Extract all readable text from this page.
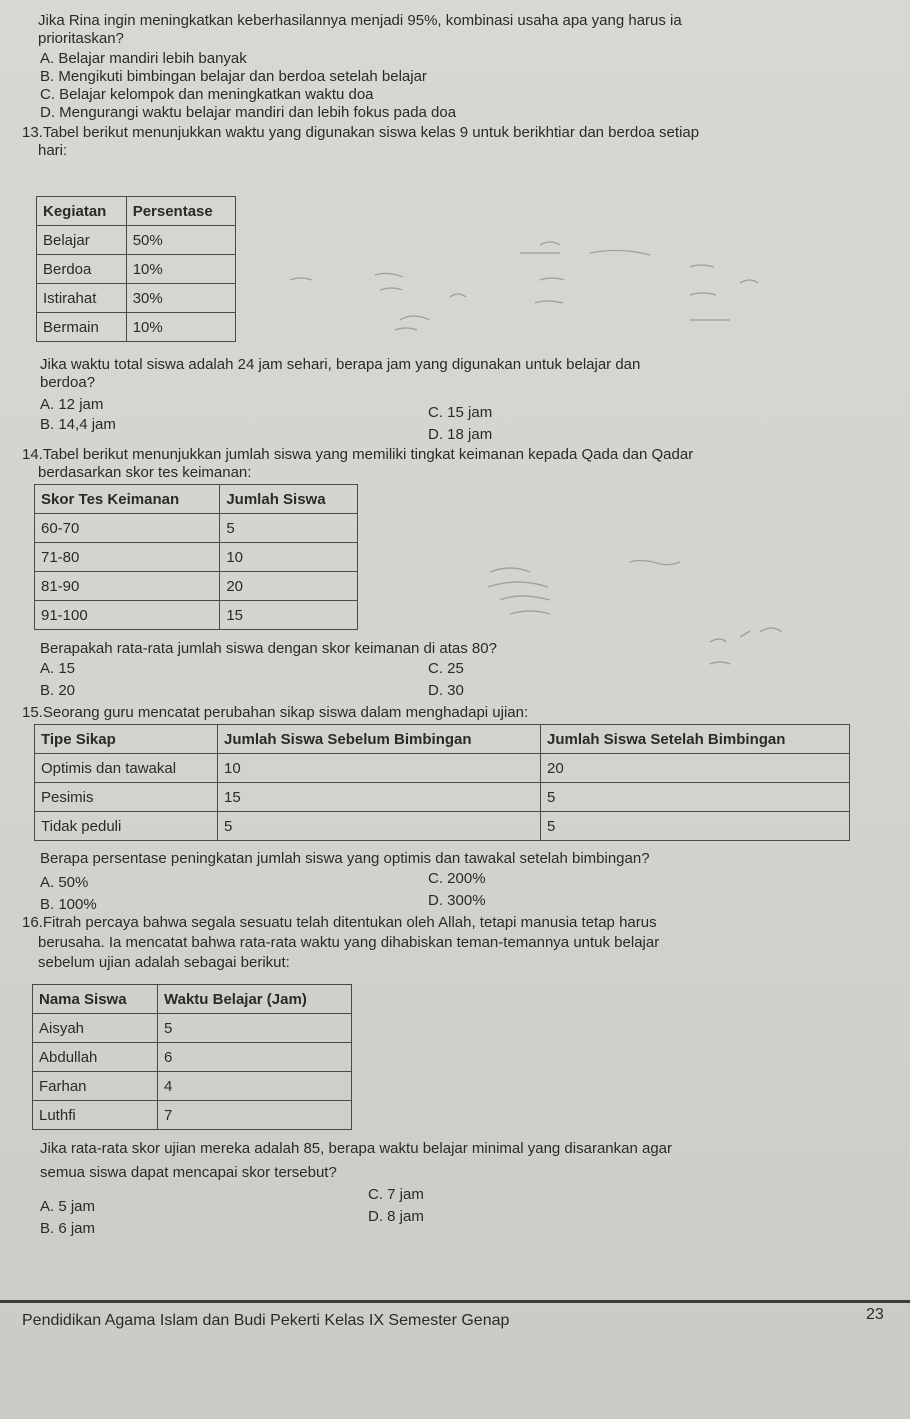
Jika Rina ingin meningkatkan keberhasilannya menjadi 95%, kombinasi usaha apa yang harus ia
prioritaskan?
A. Belajar mandiri lebih banyak
B. Mengikuti bimbingan belajar dan berdoa setelah belajar
C. Belajar kelompok dan meningkatkan waktu doa
D. Mengurangi waktu belajar mandiri dan lebih fokus pada doa
13.Tabel berikut menunjukkan waktu yang digunakan siswa kelas 9 untuk berikhtiar dan berdoa setiap
hari:
Kegiatan	Persentase
Belajar	50%
Berdoa	10%
Istirahat	30%
Bermain	10%
Jika waktu total siswa adalah 24 jam sehari, berapa jam yang digunakan untuk belajar dan
berdoa?
A. 12 jam	C. 15 jam
B. 14,4 jam
D. 18 jam
14.Tabel berikut menunjukkan jumlah siswa yang memiliki tingkat keimanan kepada Qada dan Qadar
berdasarkan skor tes keimanan:
Skor Tes Keimanan	Jumlah Siswa
60-70	5
71-80	10
81-90	20
91-100	15
Berapakah rata-rata jumlah siswa dengan skor keimanan di atas 80?
A. 15	C. 25
B. 20	D. 30
15.Seorang guru mencatat perubahan sikap siswa dalam menghadapi ujian:
Tipe Sikap	Jumlah Siswa Sebelum Bimbingan	Jumlah Siswa Setelah Bimbingan
Optimis dan tawakal	10	20
Pesimis	15	5
Tidak peduli	5	5
Berapa persentase peningkatan jumlah siswa yang optimis dan tawakal setelah bimbingan?
A. 50%	C. 200%
B. 100%	D. 300%
16.Fitrah percaya bahwa segala sesuatu telah ditentukan oleh Allah, tetapi manusia tetap harus
berusaha. Ia mencatat bahwa rata-rata waktu yang dihabiskan teman-temannya untuk belajar
sebelum ujian adalah sebagai berikut:
Nama Siswa	Waktu Belajar (Jam)
Aisyah	5
Abdullah	6
Farhan	4
Luthfi	7
Jika rata-rata skor ujian mereka adalah 85, berapa waktu belajar minimal yang disarankan agar
semua siswa dapat mencapai skor tersebut?
A. 5 jam
C. 7 jam
B. 6 jam
D. 8 jam
Pendidikan Agama Islam dan Budi Pekerti Kelas IX Semester Genap	23
